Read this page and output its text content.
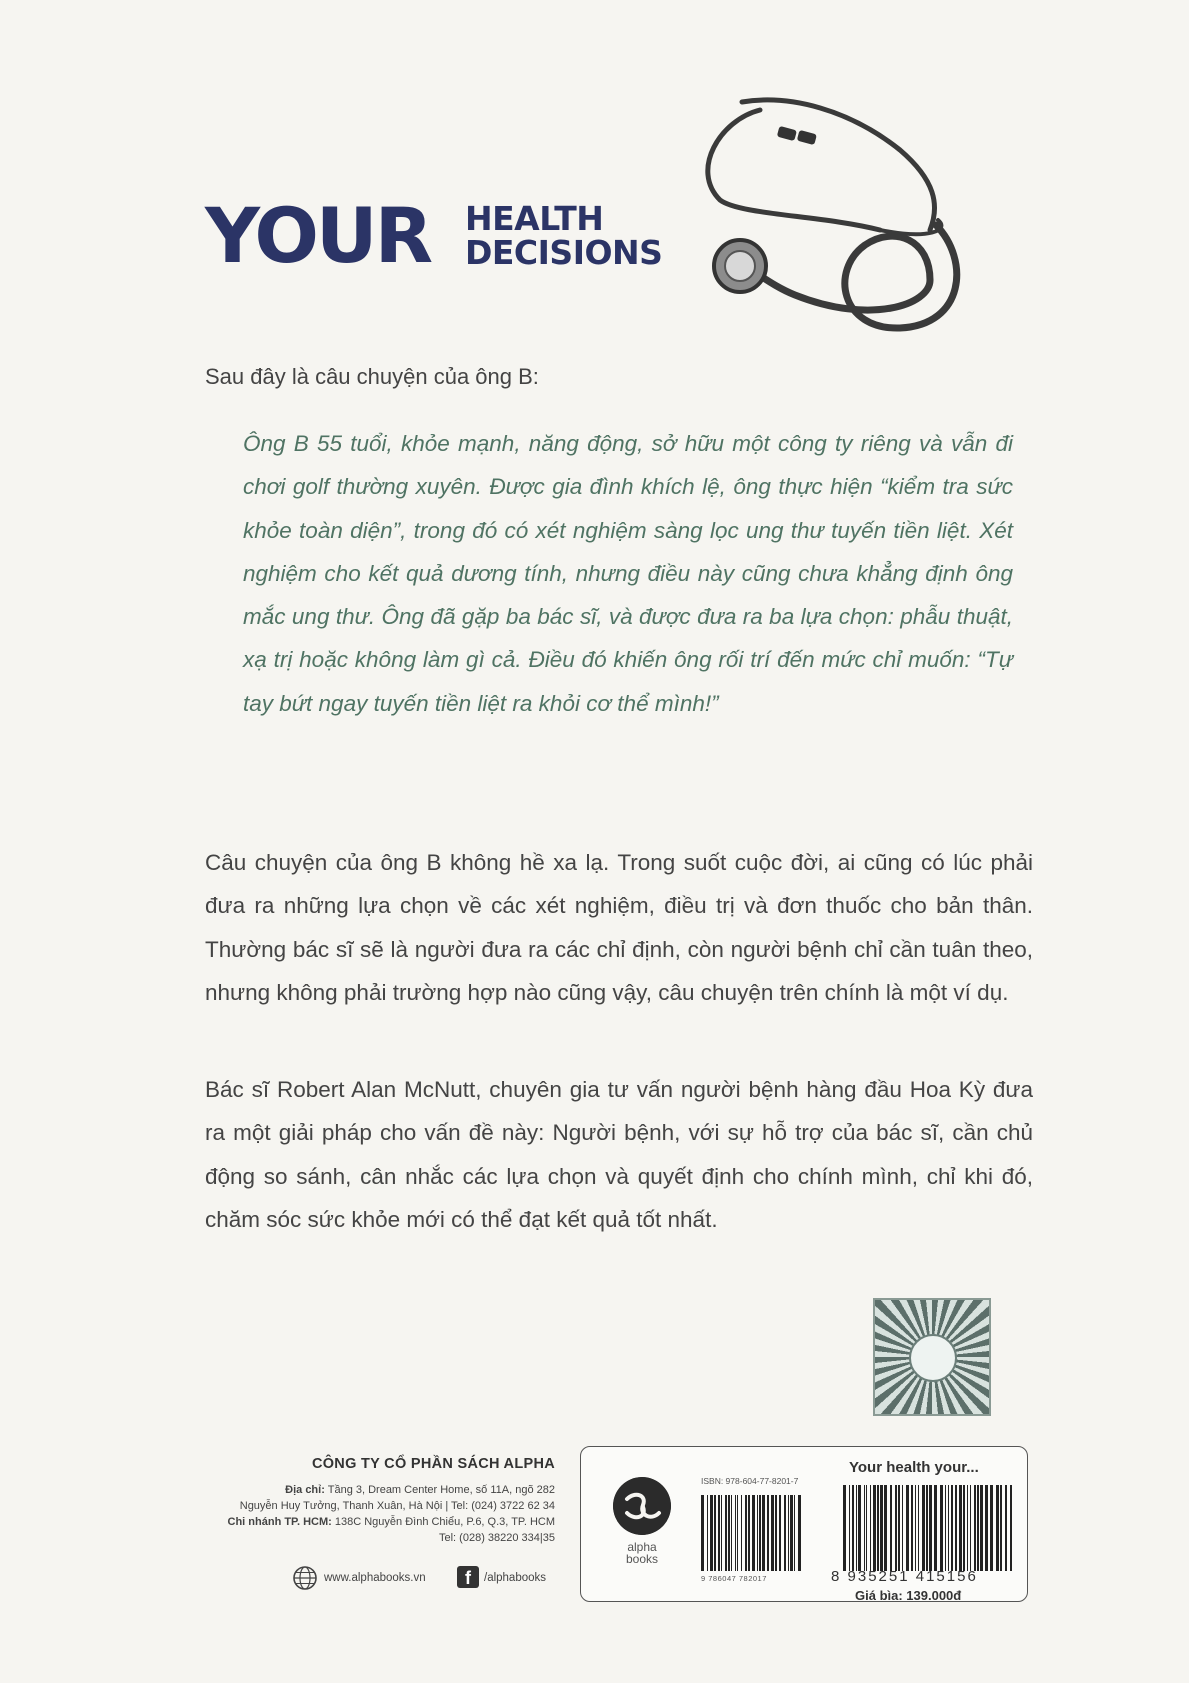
YOUR HEALTH
DECISIONS

Sau đây là câu chuyện của ông B:

Ông B 55 tuổi, khỏe mạnh, năng động, sở hữu một công ty riêng và vẫn đi chơi golf thường xuyên. Được gia đình khích lệ, ông thực hiện “kiểm tra sức khỏe toàn diện”, trong đó có xét nghiệm sàng lọc ung thư tuyến tiền liệt. Xét nghiệm cho kết quả dương tính, nhưng điều này cũng chưa khẳng định ông mắc ung thư. Ông đã gặp ba bác sĩ, và được đưa ra ba lựa chọn: phẫu thuật, xạ trị hoặc không làm gì cả. Điều đó khiến ông rối trí đến mức chỉ muốn: “Tự tay bứt ngay tuyến tiền liệt ra khỏi cơ thể mình!”

Câu chuyện của ông B không hề xa lạ. Trong suốt cuộc đời, ai cũng có lúc phải đưa ra những lựa chọn về các xét nghiệm, điều trị và đơn thuốc cho bản thân. Thường bác sĩ sẽ là người đưa ra các chỉ định, còn người bệnh chỉ cần tuân theo, nhưng không phải trường hợp nào cũng vậy, câu chuyện trên chính là một ví dụ.

Bác sĩ Robert Alan McNutt, chuyên gia tư vấn người bệnh hàng đầu Hoa Kỳ đưa ra một giải pháp cho vấn đề này: Người bệnh, với sự hỗ trợ của bác sĩ, cần chủ động so sánh, cân nhắc các lựa chọn và quyết định cho chính mình, chỉ khi đó, chăm sóc sức khỏe mới có thể đạt kết quả tốt nhất.

CÔNG TY CỔ PHẦN SÁCH ALPHA
Địa chỉ: Tầng 3, Dream Center Home, số 11A, ngõ 282
Nguyễn Huy Tưởng, Thanh Xuân, Hà Nội | Tel: (024) 3722 62 34
Chi nhánh TP. HCM: 138C Nguyễn Đình Chiểu, P.6, Q.3, TP. HCM
Tel: (028) 38220 334|35
www.alphabooks.vn	f	/alphabooks
alpha
books
ISBN: 978-604-77-8201-7
9 786047 782017
Your health your...
8 935251 415156
Giá bìa: 139.000đ
